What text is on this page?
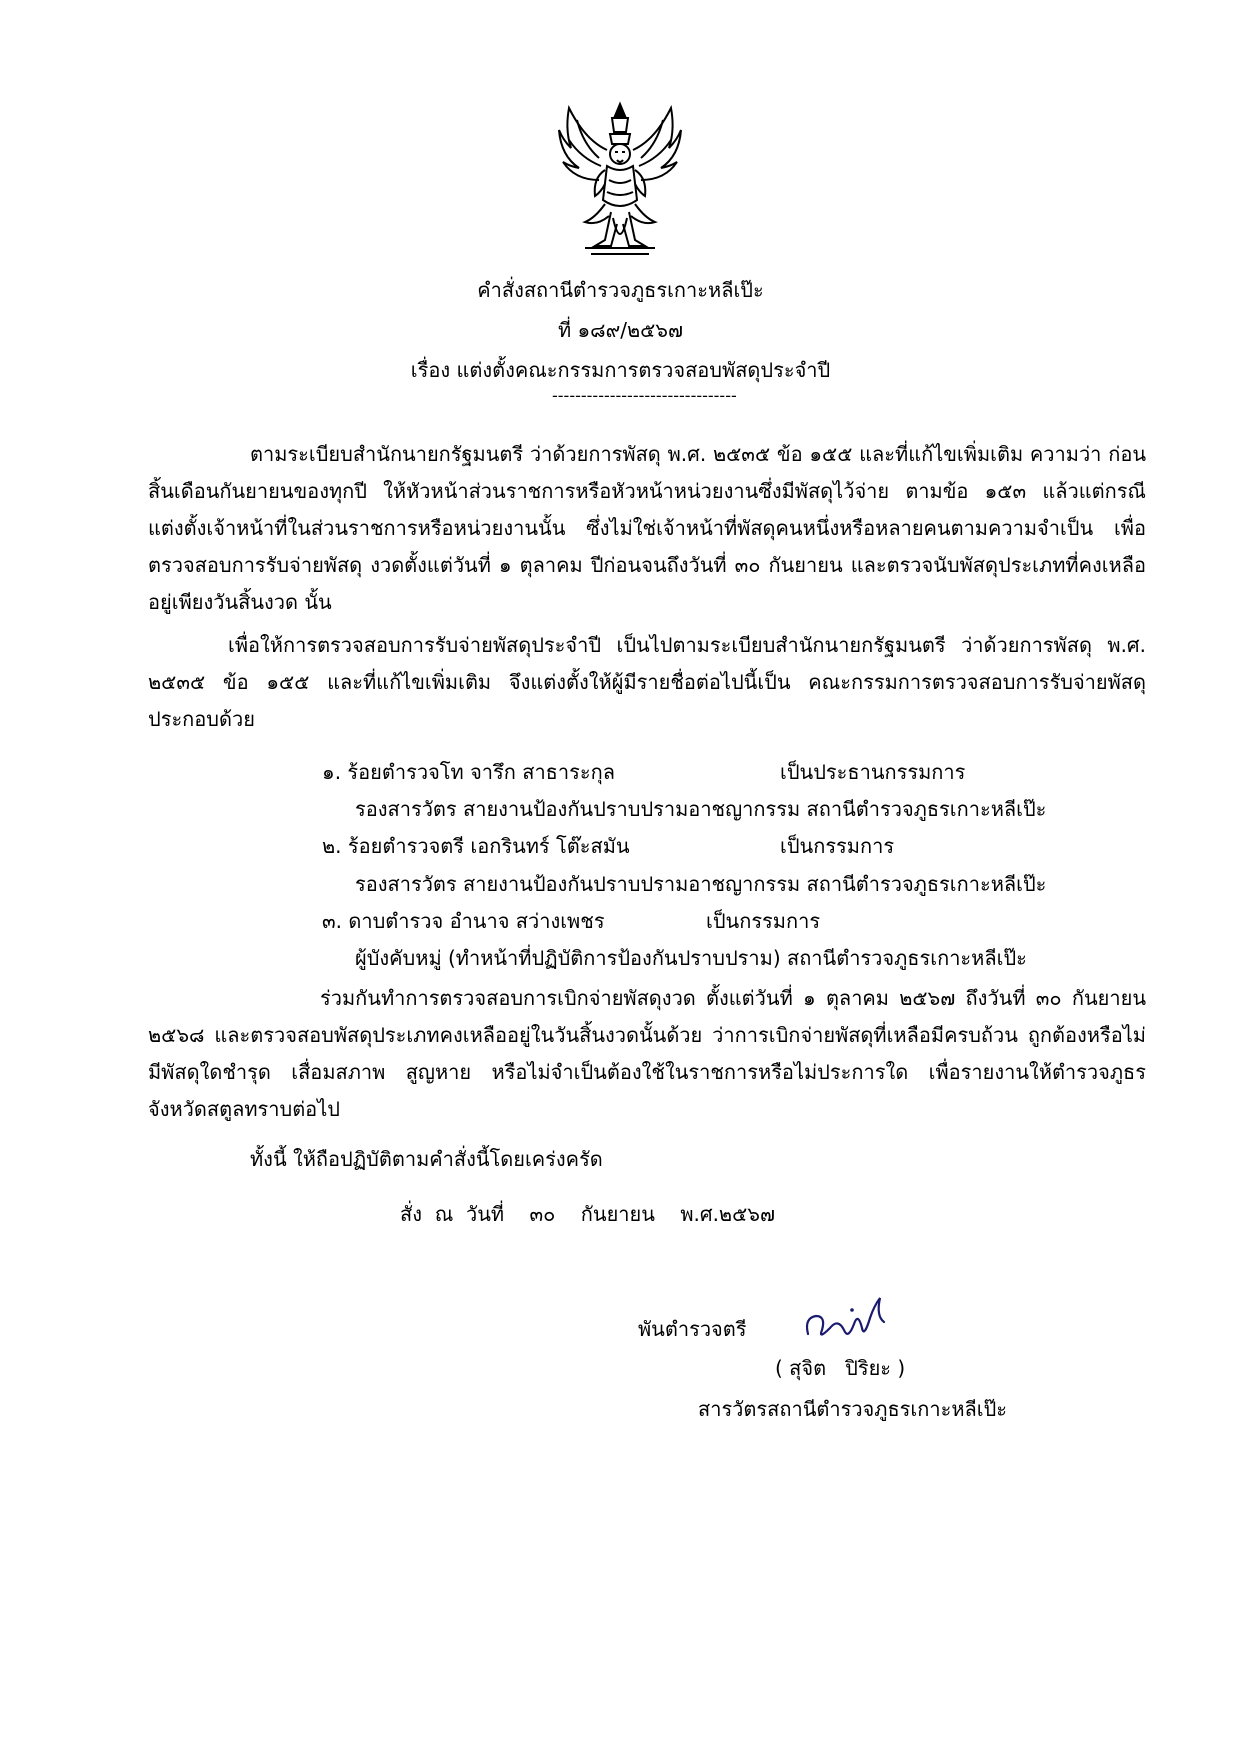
คำสั่งสถานีตำรวจภูธรเกาะหลีเป๊ะ
ที่ ๑๘๙/๒๕๖๗
เรื่อง แต่งตั้งคณะกรรมการตรวจสอบพัสดุประจำปี
--------------------------------
ตามระเบียบสำนักนายกรัฐมนตรี ว่าด้วยการพัสดุ พ.ศ. ๒๕๓๕ ข้อ ๑๕๕ และที่แก้ไขเพิ่มเติม ความว่า ก่อนสิ้นเดือนกันยายนของทุกปี ให้หัวหน้าส่วนราชการหรือหัวหน้าหน่วยงานซึ่งมีพัสดุไว้จ่าย ตามข้อ ๑๕๓ แล้วแต่กรณี แต่งตั้งเจ้าหน้าที่ในส่วนราชการหรือหน่วยงานนั้น ซึ่งไม่ใช่เจ้าหน้าที่พัสดุคนหนึ่งหรือหลายคนตามความจำเป็น เพื่อตรวจสอบการรับจ่ายพัสดุ งวดตั้งแต่วันที่ ๑ ตุลาคม ปีก่อนจนถึงวันที่ ๓๐ กันยายน และตรวจนับพัสดุประเภทที่คงเหลืออยู่เพียงวันสิ้นงวด นั้น
เพื่อให้การตรวจสอบการรับจ่ายพัสดุประจำปี เป็นไปตามระเบียบสำนักนายกรัฐมนตรี ว่าด้วยการพัสดุ พ.ศ. ๒๕๓๕ ข้อ ๑๕๕ และที่แก้ไขเพิ่มเติม จึงแต่งตั้งให้ผู้มีรายชื่อต่อไปนี้เป็น คณะกรรมการตรวจสอบการรับจ่ายพัสดุ ประกอบด้วย
๑. ร้อยตำรวจโท จารึก สาธาระกุล	เป็นประธานกรรมการ
รองสารวัตร สายงานป้องกันปราบปรามอาชญากรรม สถานีตำรวจภูธรเกาะหลีเป๊ะ
๒. ร้อยตำรวจตรี เอกรินทร์ โต๊ะสมัน	เป็นกรรมการ
รองสารวัตร สายงานป้องกันปราบปรามอาชญากรรม สถานีตำรวจภูธรเกาะหลีเป๊ะ
๓. ดาบตำรวจ อำนาจ สว่างเพชร	เป็นกรรมการ
ผู้บังคับหมู่ (ทำหน้าที่ปฏิบัติการป้องกันปราบปราม) สถานีตำรวจภูธรเกาะหลีเป๊ะ
ร่วมกันทำการตรวจสอบการเบิกจ่ายพัสดุงวด ตั้งแต่วันที่ ๑ ตุลาคม ๒๕๖๗ ถึงวันที่ ๓๐ กันยายน ๒๕๖๘ และตรวจสอบพัสดุประเภทคงเหลืออยู่ในวันสิ้นงวดนั้นด้วย ว่าการเบิกจ่ายพัสดุที่เหลือมีครบถ้วน ถูกต้องหรือไม่ มีพัสดุใดชำรุด เสื่อมสภาพ สูญหาย หรือไม่จำเป็นต้องใช้ในราชการหรือไม่ประการใด เพื่อรายงานให้ตำรวจภูธรจังหวัดสตูลทราบต่อไป
ทั้งนี้ ให้ถือปฏิบัติตามคำสั่งนี้โดยเคร่งครัด
สั่ง  ณ  วันที่    ๓๐    กันยายน    พ.ศ.๒๕๖๗
พันตำรวจตรี
( สุจิต   ปิริยะ )
สารวัตรสถานีตำรวจภูธรเกาะหลีเป๊ะ
